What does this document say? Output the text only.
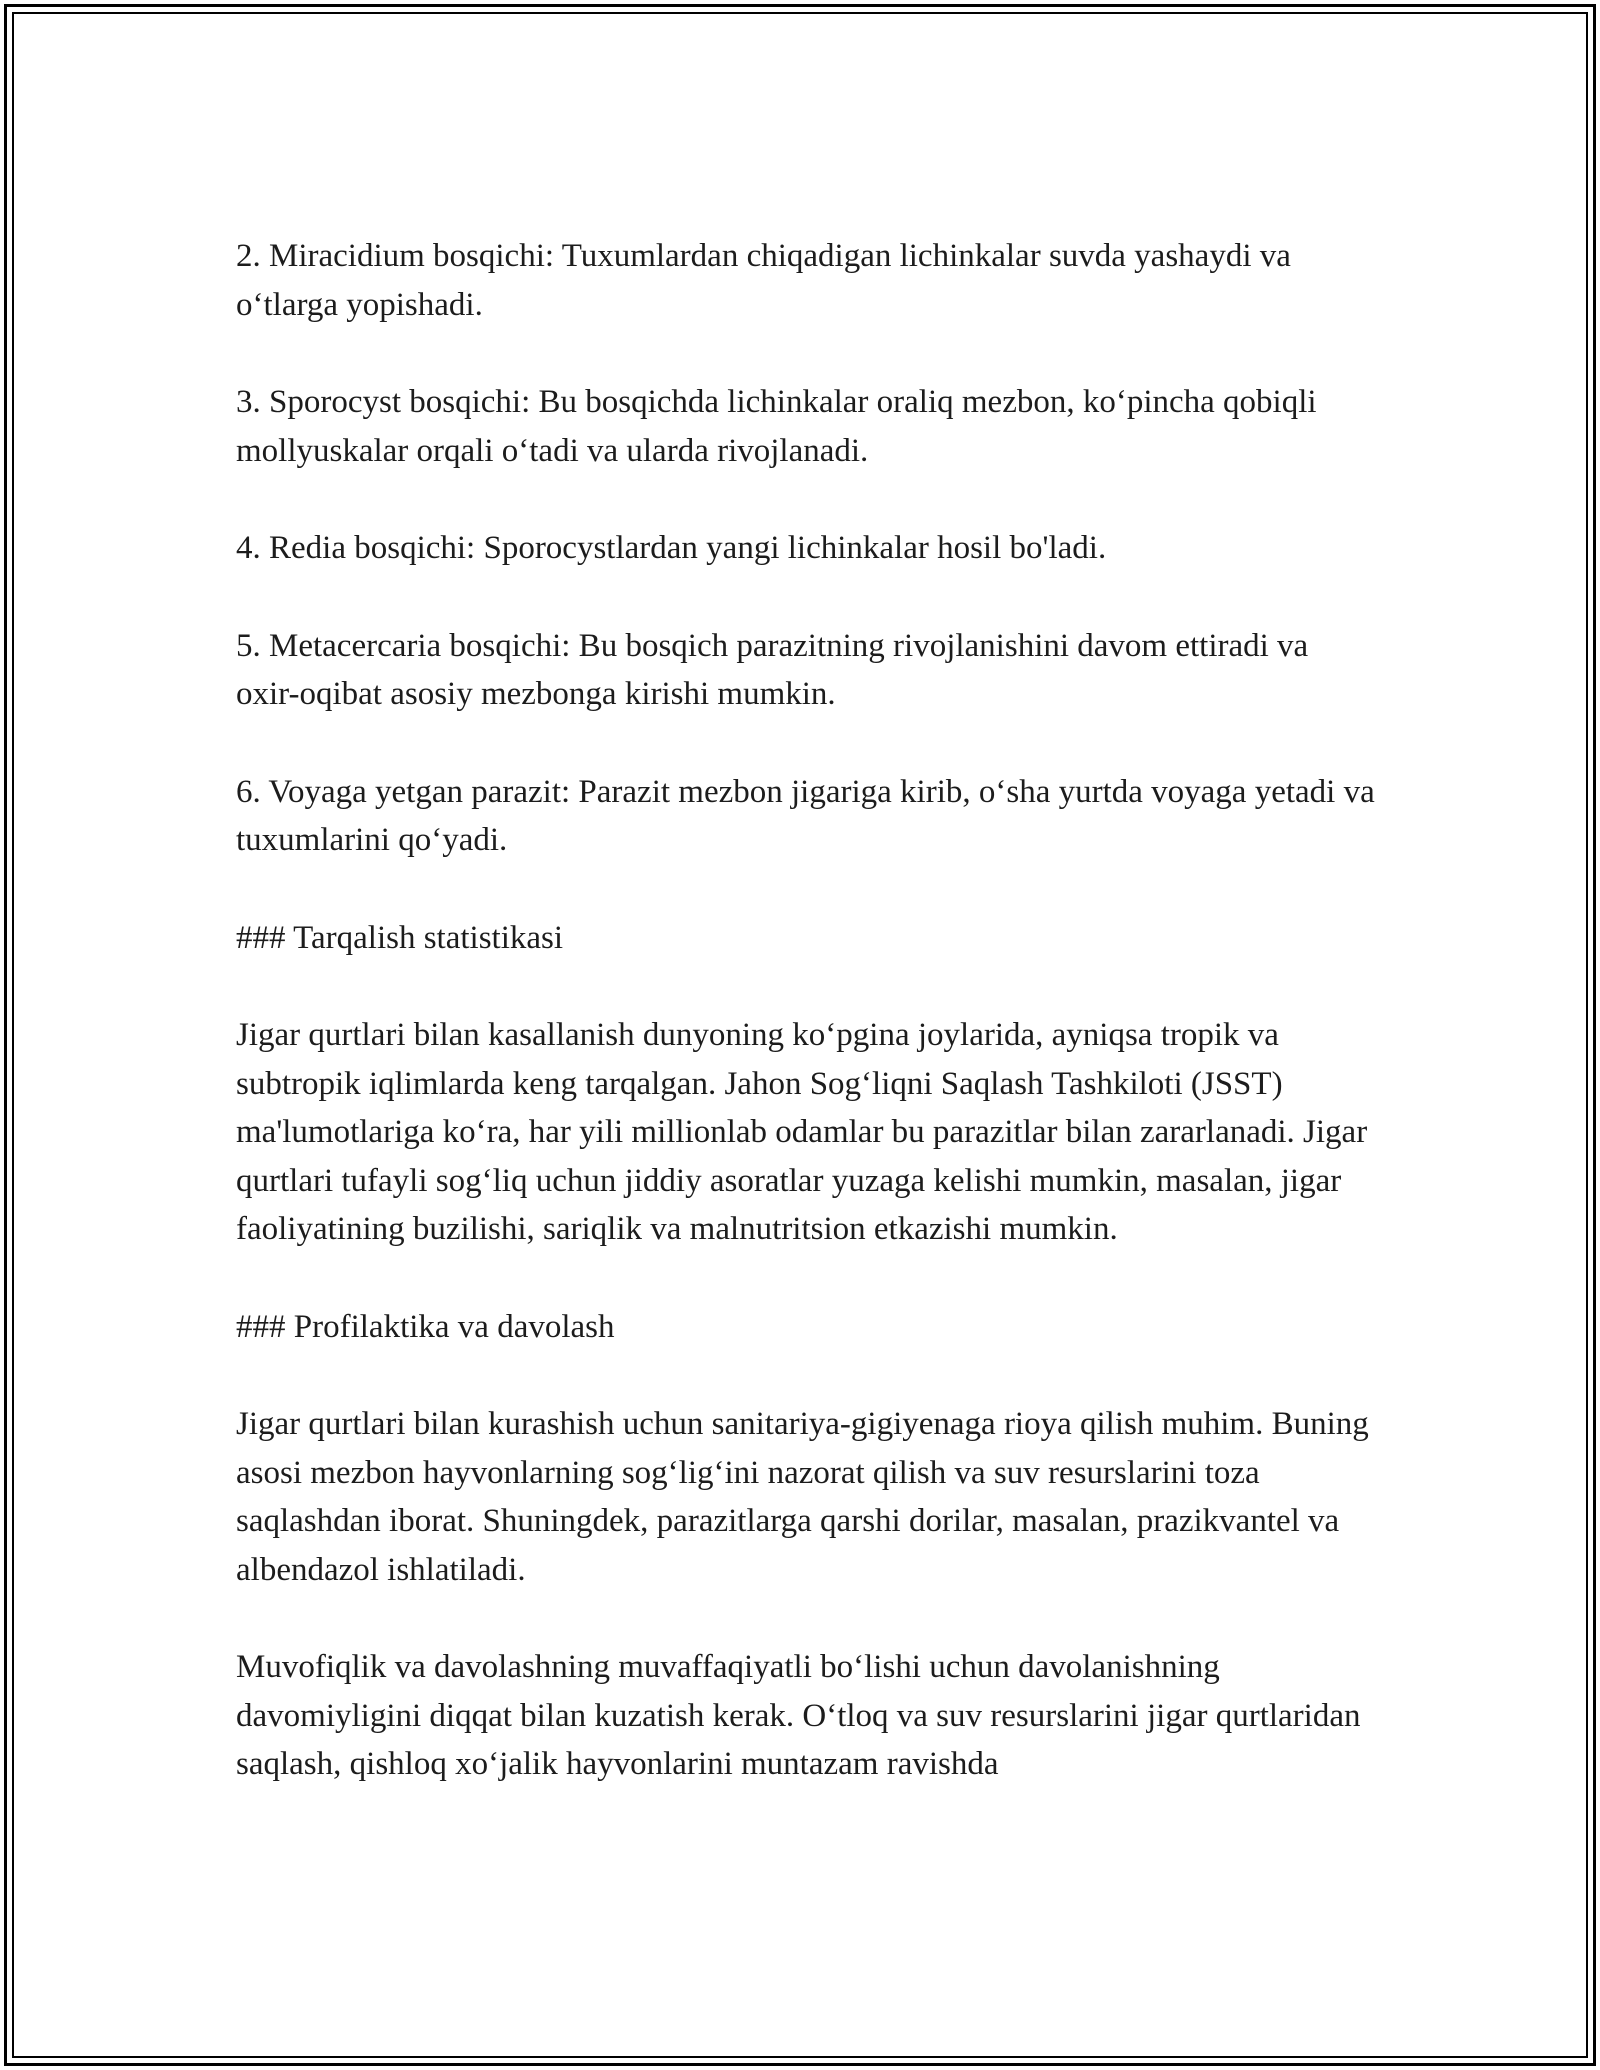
2. Miracidium bosqichi: Tuxumlardan chiqadigan lichinkalar suvda yashaydi va o‘tlarga yopishadi.

3. Sporocyst bosqichi: Bu bosqichda lichinkalar oraliq mezbon, ko‘pincha qobiqli mollyuskalar orqali o‘tadi va ularda rivojlanadi.

4. Redia bosqichi: Sporocystlardan yangi lichinkalar hosil bo'ladi.

5. Metacercaria bosqichi: Bu bosqich parazitning rivojlanishini davom ettiradi va oxir-oqibat asosiy mezbonga kirishi mumkin.

6. Voyaga yetgan parazit: Parazit mezbon jigariga kirib, o‘sha yurtda voyaga yetadi va tuxumlarini qo‘yadi.

### Tarqalish statistikasi

Jigar qurtlari bilan kasallanish dunyoning ko‘pgina joylarida, ayniqsa tropik va subtropik iqlimlarda keng tarqalgan. Jahon Sog‘liqni Saqlash Tashkiloti (JSST) ma'lumotlariga ko‘ra, har yili millionlab odamlar bu parazitlar bilan zararlanadi. Jigar qurtlari tufayli sog‘liq uchun jiddiy asoratlar yuzaga kelishi mumkin, masalan, jigar faoliyatining buzilishi, sariqlik va malnutritsion etkazishi mumkin.

### Profilaktika va davolash

Jigar qurtlari bilan kurashish uchun sanitariya-gigiyenaga rioya qilish muhim. Buning asosi mezbon hayvonlarning sog‘lig‘ini nazorat qilish va suv resurslarini toza saqlashdan iborat. Shuningdek, parazitlarga qarshi dorilar, masalan, prazikvantel va albendazol ishlatiladi.

Muvofiqlik va davolashning muvaffaqiyatli bo‘lishi uchun davolanishning davomiyligini diqqat bilan kuzatish kerak. O‘tloq va suv resurslarini jigar qurtlaridan saqlash, qishloq xo‘jalik hayvonlarini muntazam ravishda
